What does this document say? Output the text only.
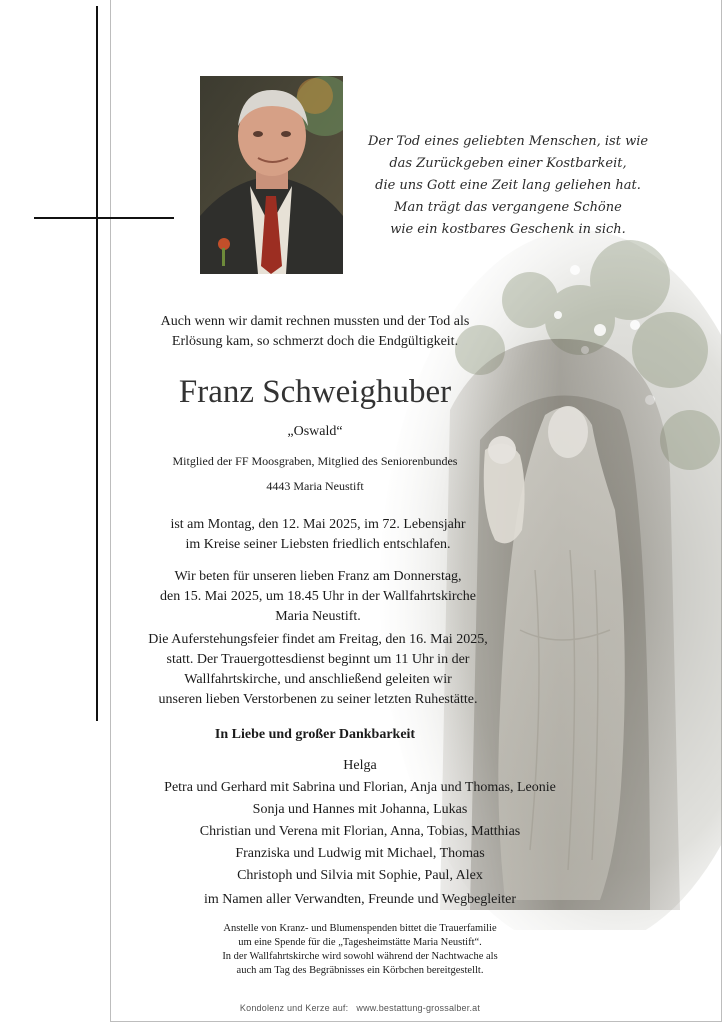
Der Tod eines geliebten Menschen, ist wie
das Zurückgeben einer Kostbarkeit,
die uns Gott eine Zeit lang geliehen hat.
Man trägt das vergangene Schöne
wie ein kostbares Geschenk in sich.
Auch wenn wir damit rechnen mussten und der Tod als
Erlösung kam, so schmerzt doch die Endgültigkeit.
Franz Schweighuber
„Oswald“
Mitglied der FF Moosgraben, Mitglied des Seniorenbundes
4443 Maria Neustift
ist am Montag, den 12. Mai 2025, im 72. Lebensjahr
im Kreise seiner Liebsten friedlich entschlafen.
Wir beten für unseren lieben Franz am Donnerstag,
den 15. Mai 2025, um 18.45 Uhr in der Wallfahrtskirche
Maria Neustift.
Die Auferstehungsfeier findet am Freitag, den 16. Mai 2025,
statt. Der Trauergottesdienst beginnt um 11 Uhr in der
Wallfahrtskirche, und anschließend geleiten wir
unseren lieben Verstorbenen zu seiner letzten Ruhestätte.
In Liebe und großer Dankbarkeit
Helga
Petra und Gerhard mit Sabrina und Florian, Anja und Thomas, Leonie
Sonja und Hannes mit Johanna, Lukas
Christian und Verena mit Florian, Anna, Tobias, Matthias
Franziska und Ludwig mit Michael, Thomas
Christoph und Silvia mit Sophie, Paul, Alex
im Namen aller Verwandten, Freunde und Wegbegleiter
Anstelle von Kranz- und Blumenspenden bittet die Trauerfamilie
um eine Spende für die „Tagesheimstätte Maria Neustift“.
In der Wallfahrtskirche wird sowohl während der Nachtwache als
auch am Tag des Begräbnisses ein Körbchen bereitgestellt.
Kondolenz und Kerze auf: www.bestattung-grossalber.at
